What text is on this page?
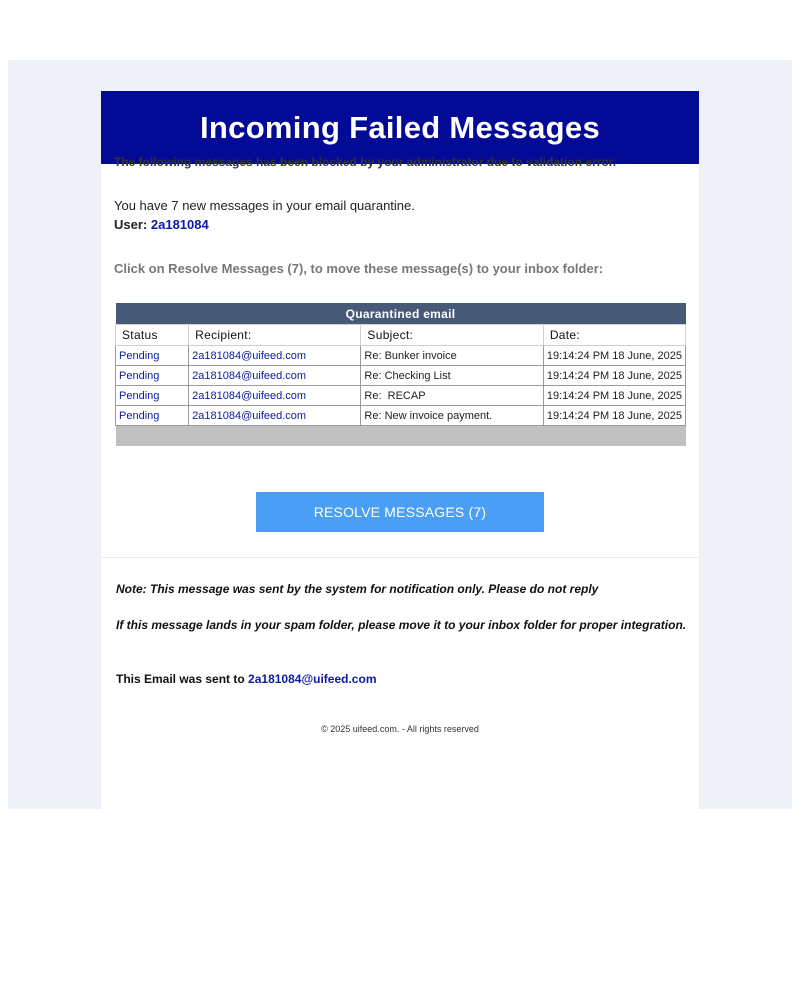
Incoming Failed Messages
The following messages has been blocked by your administrator due to validation error.
You have 7 new messages in your email quarantine.
User: 2a181084
Click on Resolve Messages (7), to move these message(s) to your inbox folder:
Quarantined email			
Status	Recipient:	Subject:	Date:
Pending	2a181084@uifeed.com	Re: Bunker invoice	19:14:24 PM 18 June, 2025
Pending	2a181084@uifeed.com	Re: Checking List	19:14:24 PM 18 June, 2025
Pending	2a181084@uifeed.com	Re:  RECAP	19:14:24 PM 18 June, 2025
Pending	2a181084@uifeed.com	Re: New invoice payment.	19:14:24 PM 18 June, 2025

RESOLVE MESSAGES (7)
Note: This message was sent by the system for notification only. Please do not reply
If this message lands in your spam folder, please move it to your inbox folder for proper integration.
This Email was sent to 2a181084@uifeed.com
© 2025 uifeed.com. - All rights reserved
